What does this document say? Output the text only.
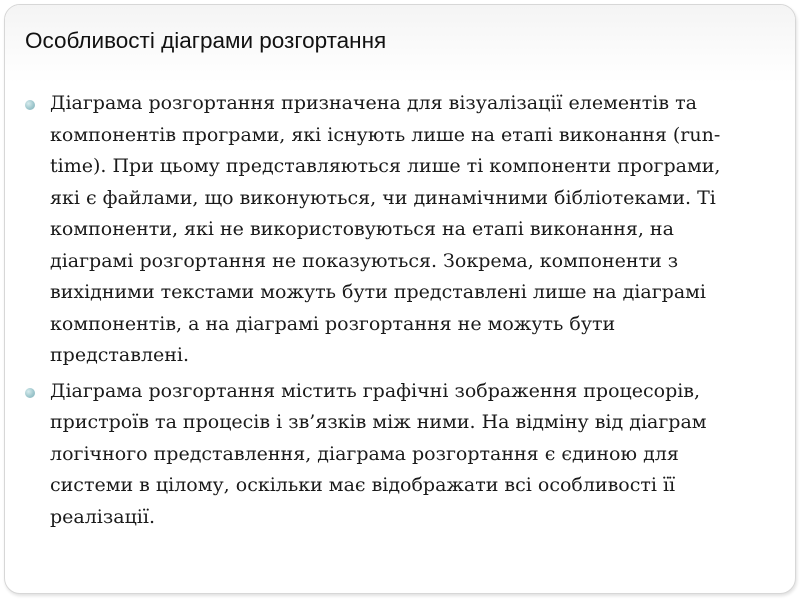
Особливості діаграми розгортання
Діаграма розгортання призначена для візуалізації елементів та компонентів програми, які існують лише на етапі виконання (run-time). При цьому представляються лише ті компоненти програми, які є файлами, що виконуються, чи динамічними бібліотеками. Ті компоненти, які не використовуються на етапі виконання, на діаграмі розгортання не показуються. Зокрема, компоненти з вихідними текстами можуть бути представлені лише на діаграмі компонентів, а на діаграмі розгортання не можуть бути представлені.
Діаграма розгортання містить графічні зображення процесорів, пристроїв та процесів і зв’язків між ними. На відміну від діаграм логічного представлення, діаграма розгортання є єдиною для системи в цілому, оскільки має відображати всі особливості її реалізації.
